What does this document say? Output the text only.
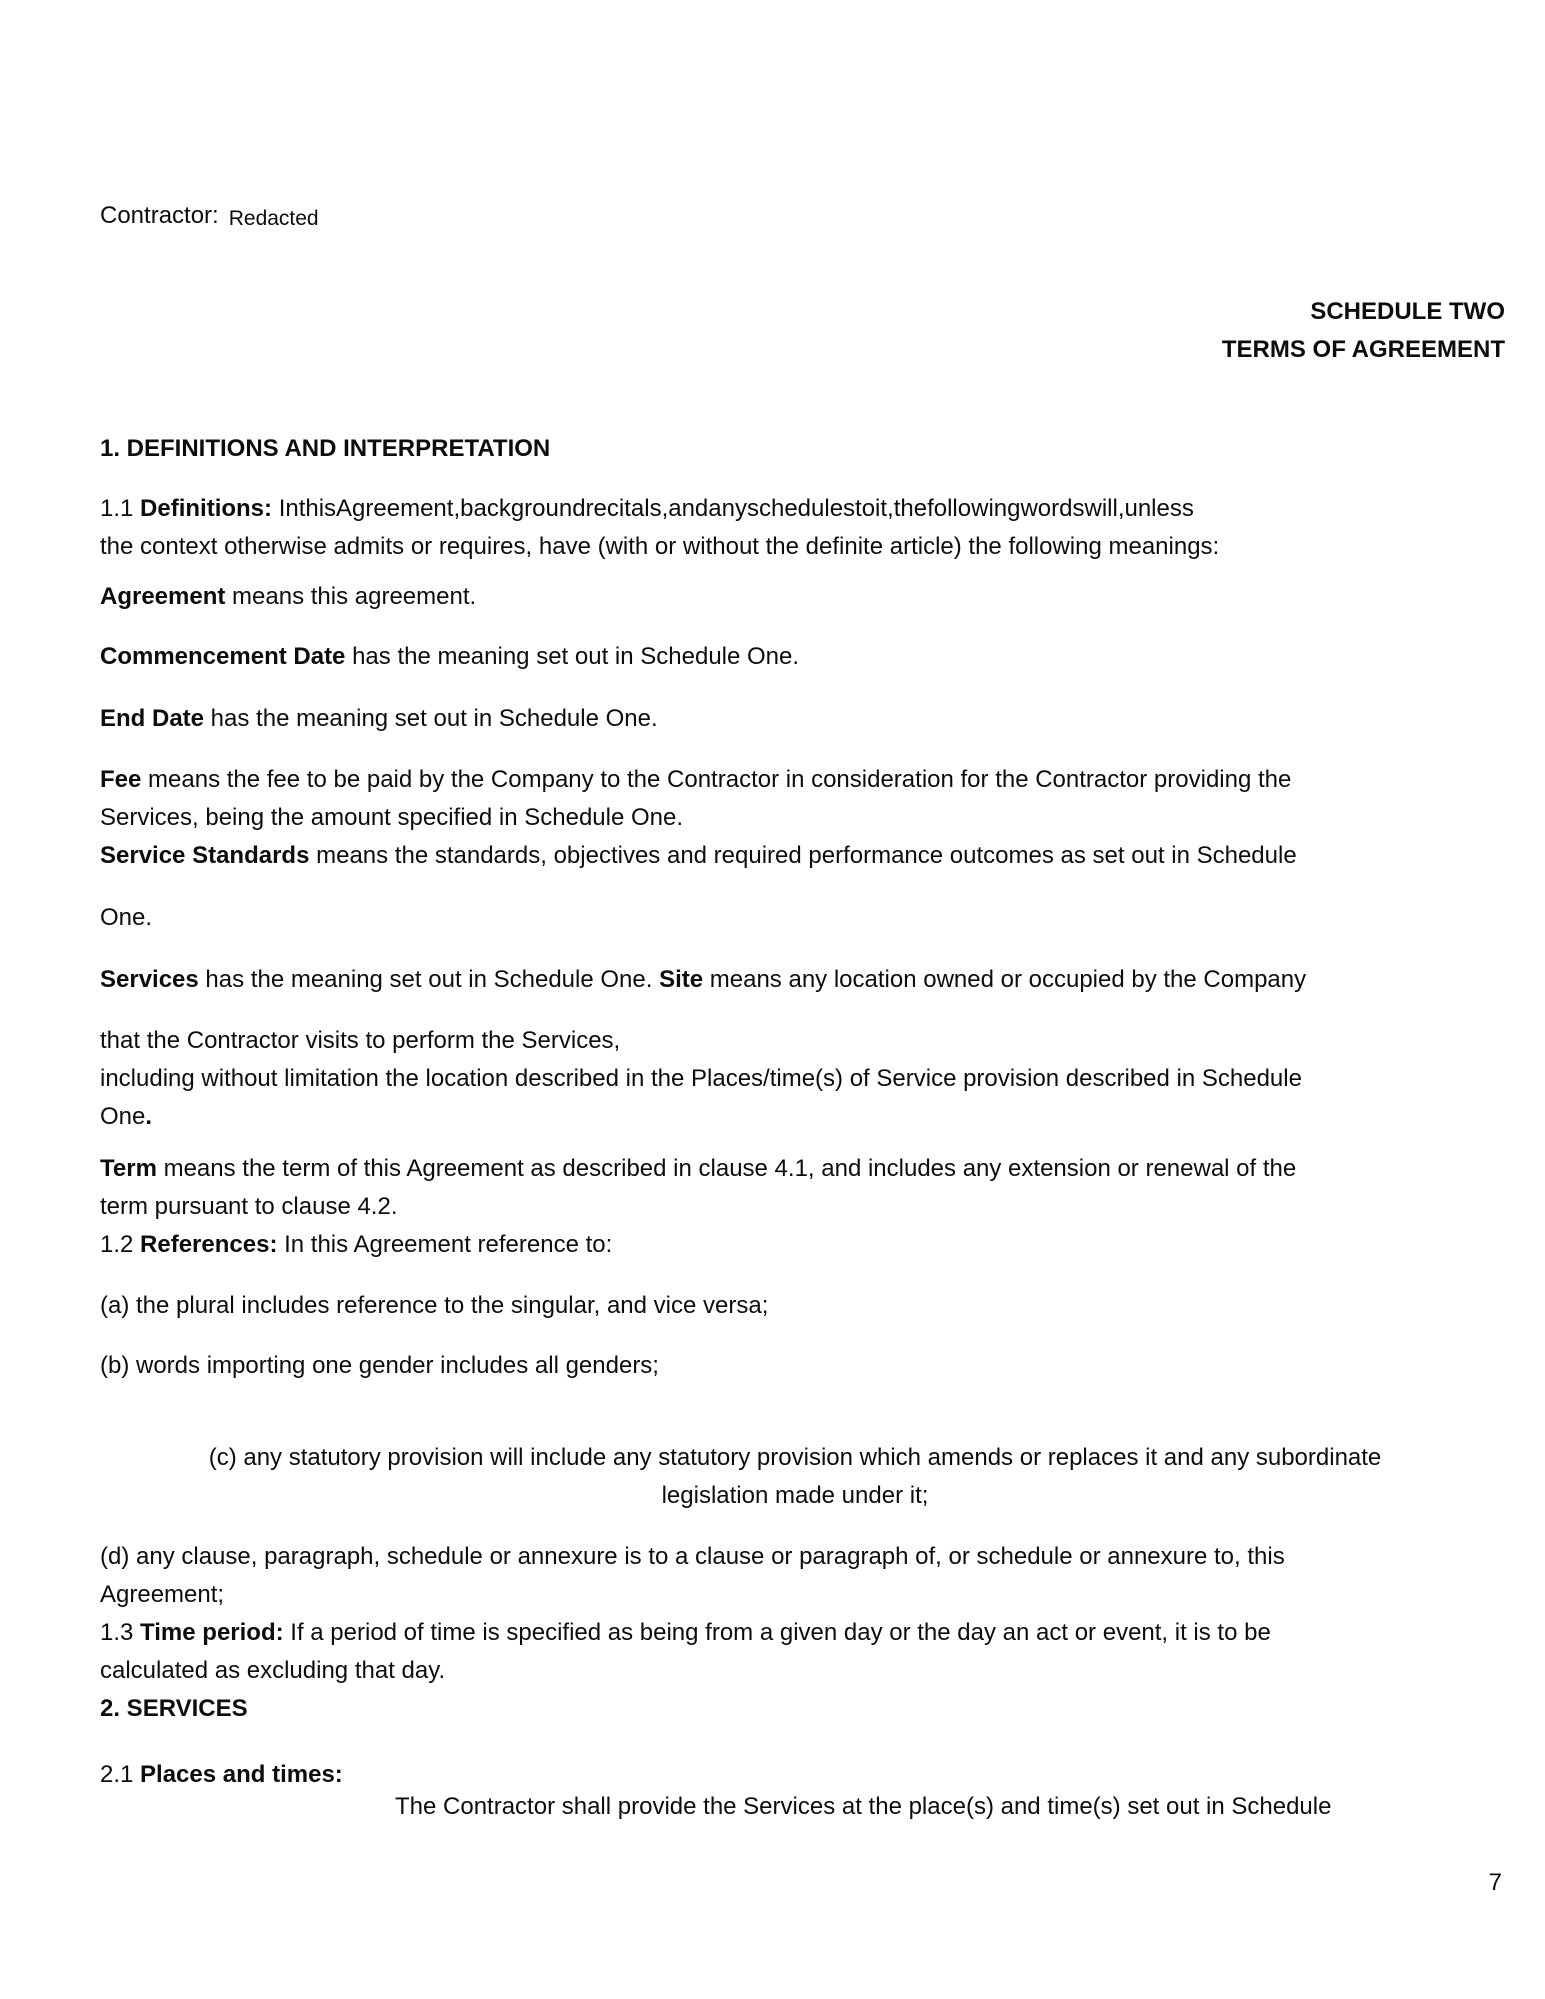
Contractor: Redacted
SCHEDULE TWO
TERMS OF AGREEMENT
1. DEFINITIONS AND INTERPRETATION
1.1 Definitions: InthisAgreement,backgroundrecitals,andanyschedulestoit,thefollowingwordswill,unless
the context otherwise admits or requires, have (with or without the definite article) the following meanings:
Agreement means this agreement.
Commencement Date has the meaning set out in Schedule One.
End Date has the meaning set out in Schedule One.
Fee means the fee to be paid by the Company to the Contractor in consideration for the Contractor providing the
Services, being the amount specified in Schedule One.
Service Standards means the standards, objectives and required performance outcomes as set out in Schedule
One.
Services has the meaning set out in Schedule One. Site means any location owned or occupied by the Company
that the Contractor visits to perform the Services,
including without limitation the location described in the Places/time(s) of Service provision described in Schedule
One.
Term means the term of this Agreement as described in clause 4.1, and includes any extension or renewal of the
term pursuant to clause 4.2.
1.2 References: In this Agreement reference to:
(a) the plural includes reference to the singular, and vice versa;
(b) words importing one gender includes all genders;
(c) any statutory provision will include any statutory provision which amends or replaces it and any subordinate
legislation made under it;
(d) any clause, paragraph, schedule or annexure is to a clause or paragraph of, or schedule or annexure to, this
Agreement;
1.3 Time period: If a period of time is specified as being from a given day or the day an act or event, it is to be
calculated as excluding that day.
2. SERVICES
2.1 Places and times:
The Contractor shall provide the Services at the place(s) and time(s) set out in Schedule
7
